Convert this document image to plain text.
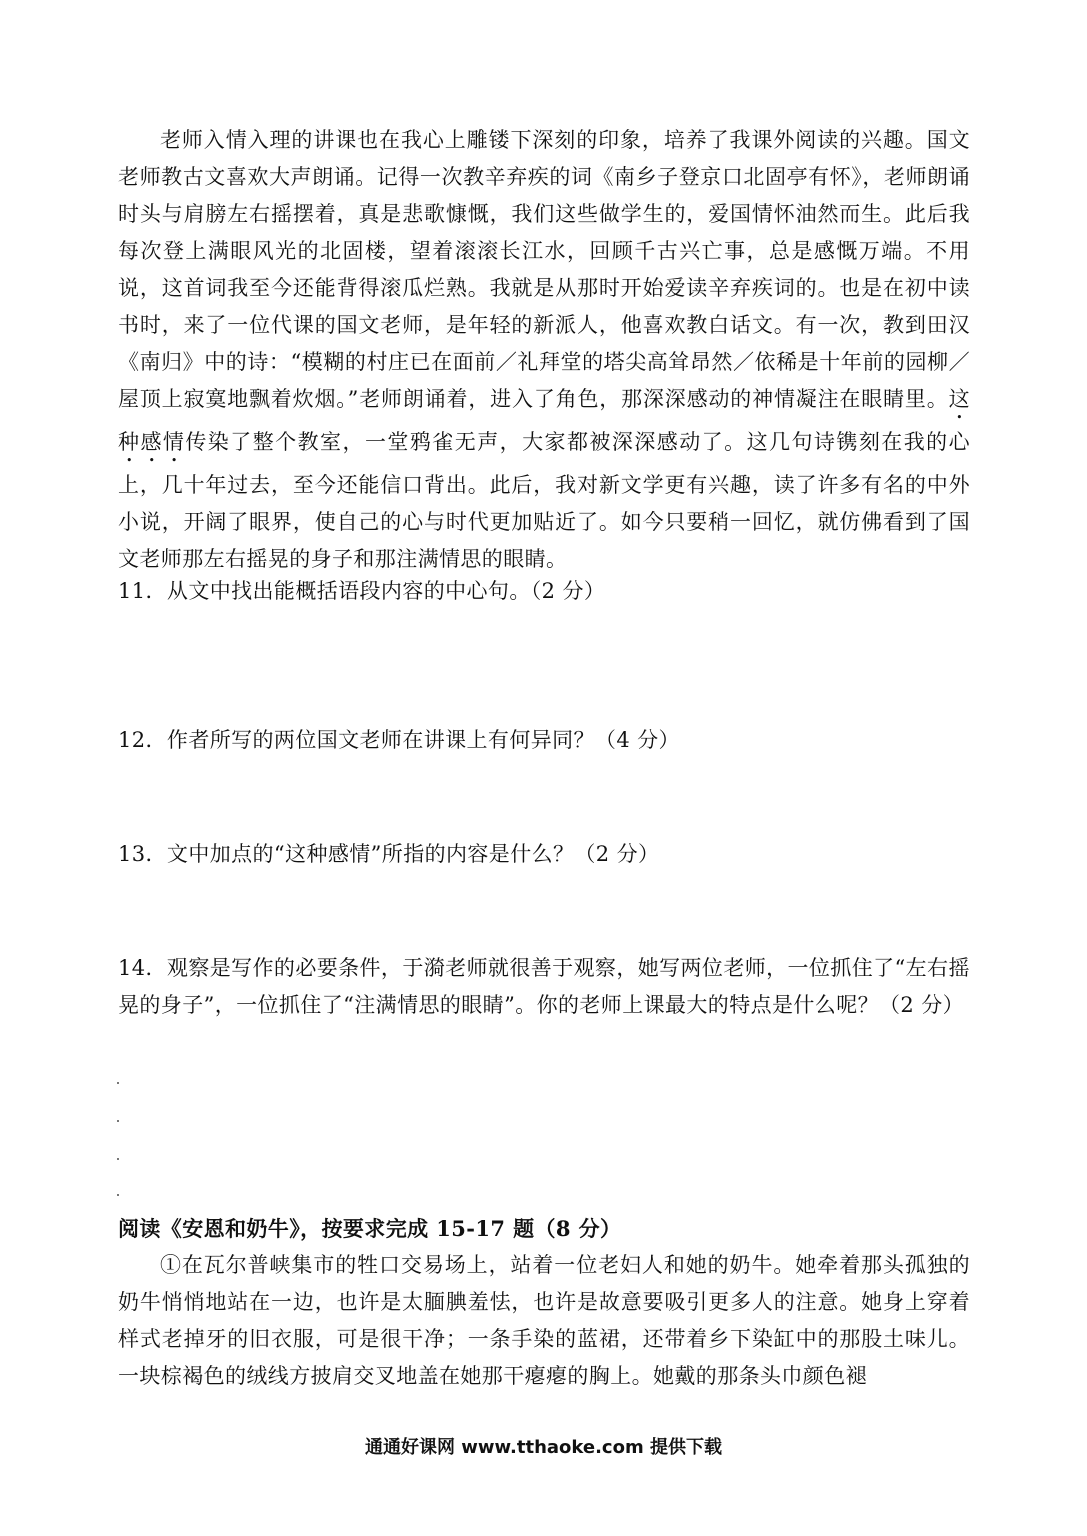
老师入情入理的讲课也在我心上雕镂下深刻的印象，培养了我课外阅读的兴趣。国文老师教古文喜欢大声朗诵。记得一次教辛弃疾的词《南乡子登京口北固亭有怀》，老师朗诵时头与肩膀左右摇摆着，真是悲歌慷慨，我们这些做学生的，爱国情怀油然而生。此后我每次登上满眼风光的北固楼，望着滚滚长江水，回顾千古兴亡事，总是感慨万端。不用说，这首词我至今还能背得滚瓜烂熟。我就是从那时开始爱读辛弃疾词的。也是在初中读书时，来了一位代课的国文老师，是年轻的新派人，他喜欢教白话文。有一次，教到田汉《南归》中的诗：“模糊的村庄已在面前／礼拜堂的塔尖高耸昂然／依稀是十年前的园柳／屋顶上寂寞地飘着炊烟。”老师朗诵着，进入了角色，那深深感动的神情凝注在眼睛里。这种感情传染了整个教室，一堂鸦雀无声，大家都被深深感动了。这几句诗镌刻在我的心上，几十年过去，至今还能信口背出。此后，我对新文学更有兴趣，读了许多有名的中外小说，开阔了眼界，使自己的心与时代更加贴近了。如今只要稍一回忆，就仿佛看到了国文老师那左右摇晃的身子和那注满情思的眼睛。

11．从文中找出能概括语段内容的中心句。（2 分）

12．作者所写的两位国文老师在讲课上有何异同？（4 分）

13．文中加点的“这种感情”所指的内容是什么？（2 分）

14．观察是写作的必要条件，于漪老师就很善于观察，她写两位老师，一位抓住了“左右摇晃的身子”，一位抓住了“注满情思的眼睛”。你的老师上课最大的特点是什么呢？（2 分）

阅读《安恩和奶牛》，按要求完成 15-17 题（8 分）

①在瓦尔普峡集市的牲口交易场上，站着一位老妇人和她的奶牛。她牵着那头孤独的奶牛悄悄地站在一边，也许是太腼腆羞怯，也许是故意要吸引更多人的注意。她身上穿着样式老掉牙的旧衣服，可是很干净；一条手染的蓝裙，还带着乡下染缸中的那股土味儿。一块棕褐色的绒线方披肩交叉地盖在她那干瘪瘪的胸上。她戴的那条头巾颜色褪

通通好课网 www.tthaoke.com 提供下载
